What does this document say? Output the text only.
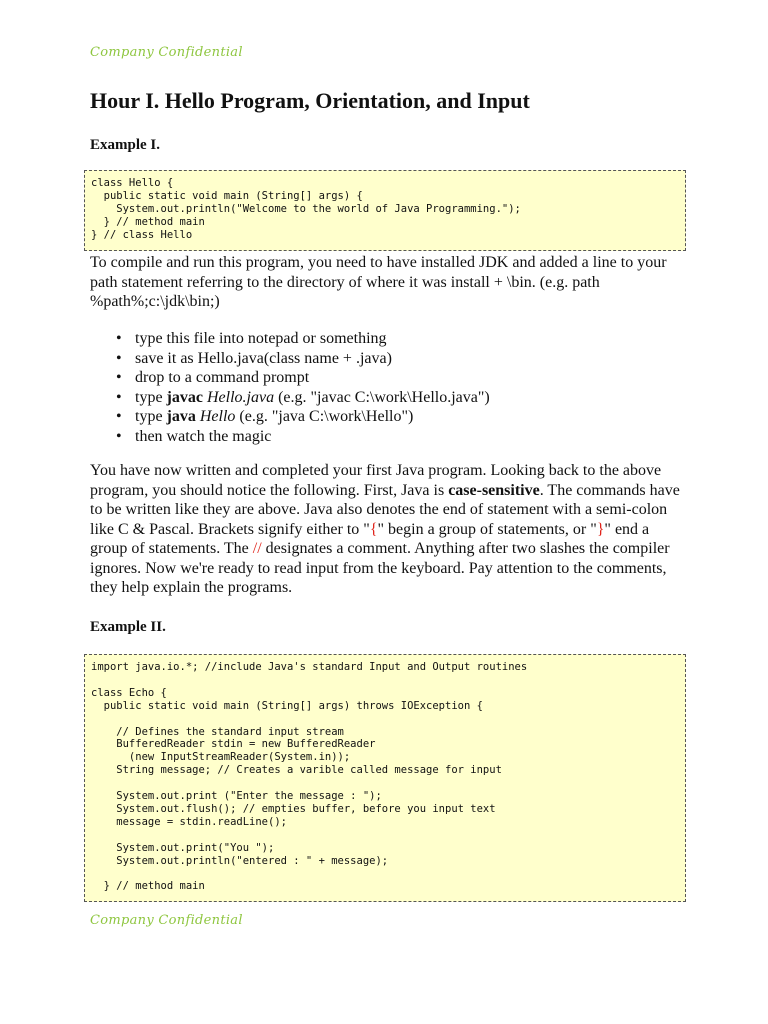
Company Confidential
Hour I. Hello Program, Orientation, and Input
Example I.
class Hello {
public static void main (String[] args) {
System.out.println("Welcome to the world of Java Programming.");
} // method main
} // class Hello

To compile and run this program, you need to have installed JDK and added a line to your path statement referring to the directory of where it was install + \bin. (e.g. path %path%;c:\jdk\bin;)

• type this file into notepad or something
• save it as Hello.java(class name + .java)
• drop to a command prompt
• type javac Hello.java (e.g. "javac C:\work\Hello.java")
• type java Hello (e.g. "java C:\work\Hello")
• then watch the magic

You have now written and completed your first Java program. Looking back to the above program, you should notice the following. First, Java is case-sensitive. The commands have to be written like they are above. Java also denotes the end of statement with a semi-colon like C & Pascal. Brackets signify either to "{" begin a group of statements, or "}" end a group of statements. The // designates a comment. Anything after two slashes the compiler ignores. Now we're ready to read input from the keyboard. Pay attention to the comments, they help explain the programs.

Example II.
import java.io.*; //include Java's standard Input and Output routines

class Echo {
public static void main (String[] args) throws IOException {

// Defines the standard input stream
BufferedReader stdin = new BufferedReader
(new InputStreamReader(System.in));
String message; // Creates a varible called message for input

System.out.print ("Enter the message : ");
System.out.flush(); // empties buffer, before you input text
message = stdin.readLine();

System.out.print("You ");
System.out.println("entered : " + message);

} // method main
Company Confidential
